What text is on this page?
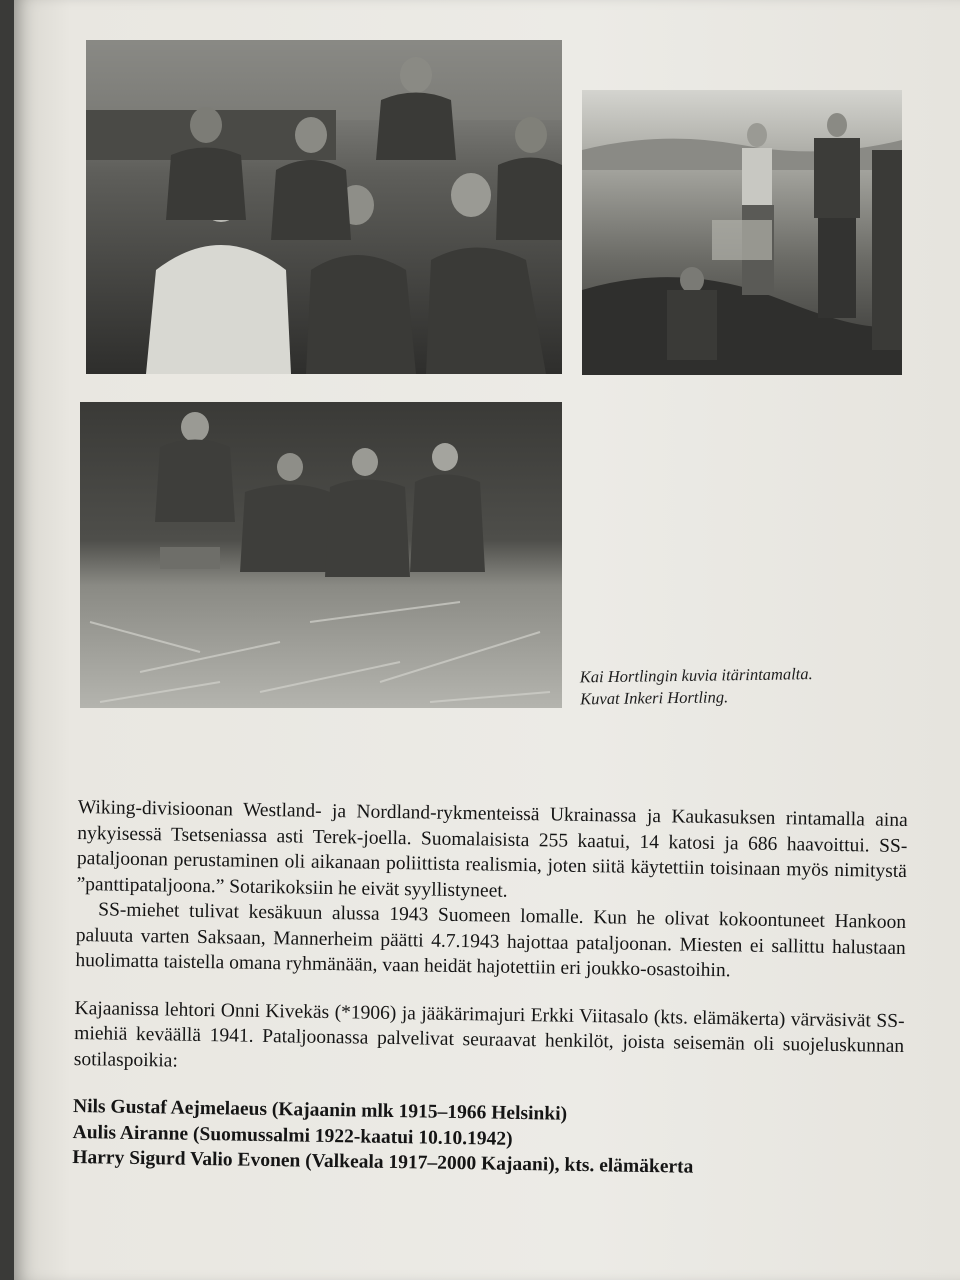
Kai Hortlingin kuvia itärintamalta.
Kuvat Inkeri Hortling.

Wiking-divisioonan Westland- ja Nordland-rykmenteissä Ukrainassa ja Kaukasuksen rintamalla aina nykyisessä Tsetseniassa asti Terek-joella. Suomalaisista 255 kaatui, 14 katosi ja 686 haavoittui. SS-pataljoonan perustaminen oli aikanaan poliittista realismia, joten siitä käytettiin toisinaan myös nimitystä ”panttipataljoona.” Sotarikoksiin he eivät syyllistyneet.

SS-miehet tulivat kesäkuun alussa 1943 Suomeen lomalle. Kun he olivat kokoontuneet Hankoon paluuta varten Saksaan, Mannerheim päätti 4.7.1943 hajottaa pataljoonan. Miesten ei sallittu halustaan huolimatta taistella omana ryhmänään, vaan heidät hajotettiin eri joukko-osastoihin.

Kajaanissa lehtori Onni Kivekäs (*1906) ja jääkärimajuri Erkki Viitasalo (kts. elämäkerta) värväsivät SS-miehiä keväällä 1941. Pataljoonassa palvelivat seuraavat henkilöt, joista seisemän oli suojeluskunnan sotilaspoikia:

Nils Gustaf Aejmelaeus (Kajaanin mlk 1915–1966 Helsinki)
Aulis Airanne (Suomussalmi 1922-kaatui 10.10.1942)
Harry Sigurd Valio Evonen (Valkeala 1917–2000 Kajaani), kts. elämäkerta
